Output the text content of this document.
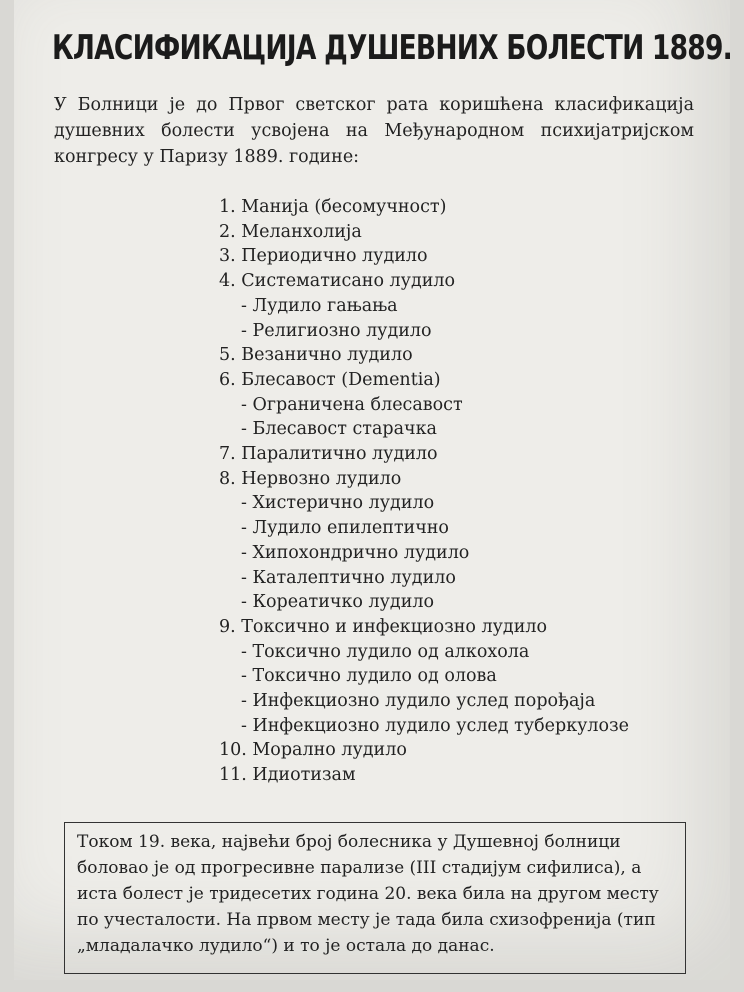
КЛАСИФИКАЦИЈА ДУШЕВНИХ БОЛЕСТИ 1889.
У Болници је до Првог светског рата коришћена класификација душевних болести усвојена на Међународном психијатријском конгресу у Паризу 1889. године:
1. Манија (бесомучност)
2. Меланхолија
3. Периодично лудило
4. Систематисано лудило
- Лудило гањања
- Религиозно лудило
5. Везанично лудило
6. Блесавост (Dementia)
- Ограничена блесавост
- Блесавост старачка
7. Паралитично лудило
8. Нервозно лудило
- Хистерично лудило
- Лудило епилептично
- Хипохондрично лудило
- Каталептично лудило
- Кореатичко лудило
9. Токсично и инфекциозно лудило
- Токсично лудило од алкохола
- Токсично лудило од олова
- Инфекциозно лудило услед порођаја
- Инфекциозно лудило услед туберкулозе
10. Морално лудило
11. Идиотизам
Током 19. века, највећи број болесника у Душевној болници боловао је од прогресивне парализе (III стадијум сифилиса), а иста болест је тридесетих година 20. века била на другом месту по учесталости. На првом месту је тада била схизофренија (тип „младалачко лудило“) и то је остала до данас.
